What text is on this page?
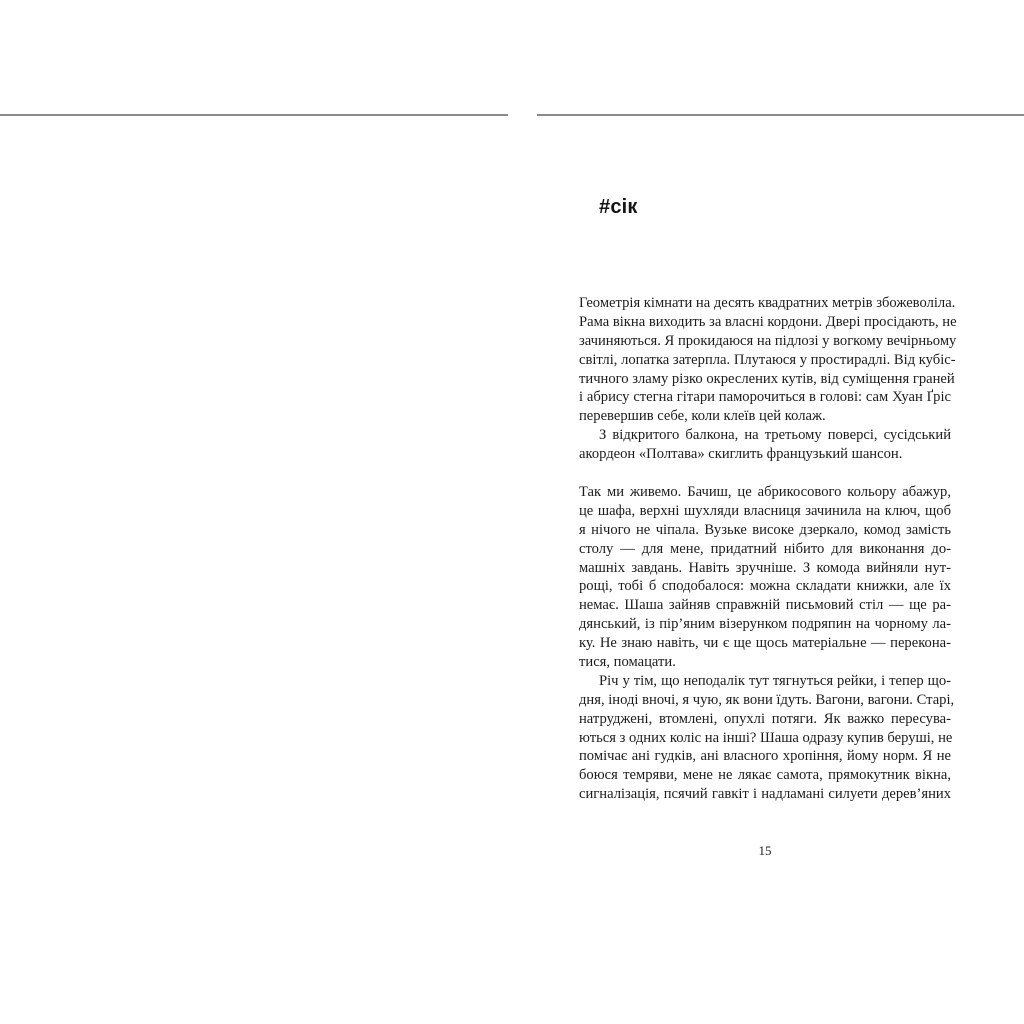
#сік
Геометрія кімнати на десять квадратних метрів збожеволіла.
Рама вікна виходить за власні кордони. Двері просідають, не
зачиняються. Я прокидаюся на підлозі у вогкому вечірньому
світлі, лопатка затерпла. Плутаюся у простирадлі. Від кубіс-
тичного зламу різко окреслених кутів, від суміщення граней
і абрису стегна гітари паморочиться в голові: сам Хуан Ґріс
перевершив себе, коли клеїв цей колаж.
З відкритого балкона, на третьому поверсі, сусідський
акордеон «Полтава» скиглить французький шансон.
Так ми живемо. Бачиш, це абрикосового кольору абажур,
це шафа, верхні шухляди власниця зачинила на ключ, щоб
я нічого не чіпала. Вузьке високе дзеркало, комод замість
столу — для мене, придатний нібито для виконання до-
машніх завдань. Навіть зручніше. З комода вийняли нут-
рощі, тобі б сподобалося: можна складати книжки, але їх
немає. Шаша зайняв справжній письмовий стіл — ще ра-
дянський, із пір’яним візерунком подряпин на чорному ла-
ку. Не знаю навіть, чи є ще щось матеріальне — переконa-
тися, помацати.
Річ у тім, що неподалік тут тягнуться рейки, і тепер що-
дня, іноді вночі, я чую, як вони їдуть. Вагони, вагони. Старі,
натруджені, втомлені, опухлі потяги. Як важко пересува-
ються з одних коліс на інші? Шаша одразу купив беруші, не
помічає ані гудків, ані власного хропіння, йому норм. Я не
боюся темряви, мене не лякає самота, прямокутник вікна,
сигналізація, псячий гавкіт і надламані силуети дерев’яних
15
